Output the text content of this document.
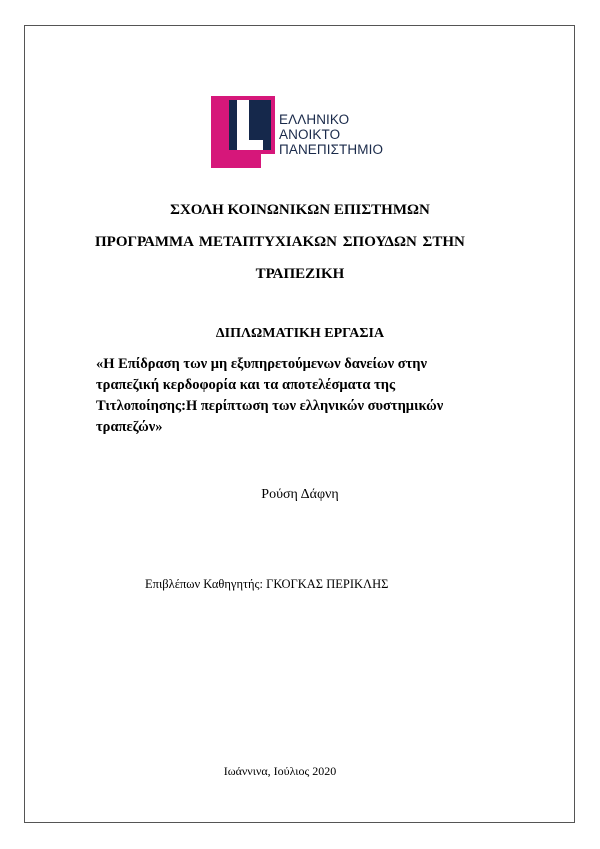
ΕΛΛΗΝΙΚΟ
ΑΝΟΙΚΤΟ
ΠΑΝΕΠΙΣΤΗΜΙΟ
ΣΧΟΛΗ ΚΟΙΝΩΝΙΚΩΝ ΕΠΙΣΤΗΜΩΝ
ΠΡΟΓΡΑΜΜΑ ΜΕΤΑΠΤΥΧΙΑΚΩΝ ΣΠΟΥΔΩΝ ΣΤΗΝ
ΤΡΑΠΕΖΙΚΗ
ΔΙΠΛΩΜΑΤΙΚΗ ΕΡΓΑΣΙΑ
«Η Επίδραση των μη εξυπηρετούμενων δανείων στην
τραπεζική κερδοφορία και τα αποτελέσματα της
Τιτλοποίησης:Η περίπτωση των ελληνικών συστημικών
τραπεζών»
Ρούση Δάφνη
Επιβλέπων Καθηγητής: ΓΚΟΓΚΑΣ ΠΕΡΙΚΛΗΣ
Ιωάννινα, Ιούλιος 2020
